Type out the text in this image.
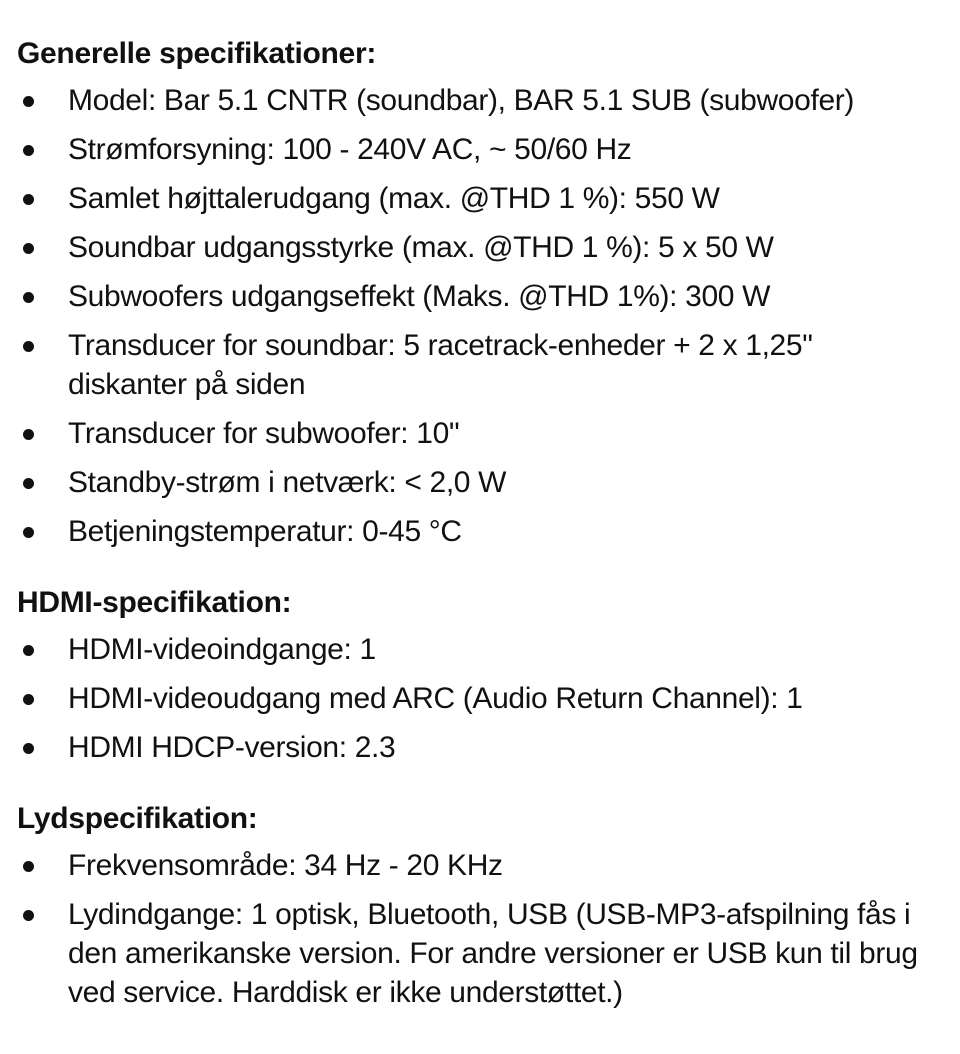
Generelle specifikationer:
Model: Bar 5.1 CNTR (soundbar), BAR 5.1 SUB (subwoofer)
Strømforsyning: 100 - 240V AC, ~ 50/60 Hz
Samlet højttalerudgang (max. @THD 1 %): 550 W
Soundbar udgangsstyrke (max. @THD 1 %): 5 x 50 W
Subwoofers udgangseffekt (Maks. @THD 1%): 300 W
Transducer for soundbar: 5 racetrack-enheder + 2 x 1,25" diskanter på siden
Transducer for subwoofer: 10"
Standby-strøm i netværk: < 2,0 W
Betjeningstemperatur: 0-45 °C
HDMI-specifikation:
HDMI-videoindgange: 1
HDMI-videoudgang med ARC (Audio Return Channel): 1
HDMI HDCP-version: 2.3
Lydspecifikation:
Frekvensområde: 34 Hz - 20 KHz
Lydindgange: 1 optisk, Bluetooth, USB (USB-MP3-afspilning fås i den amerikanske version. For andre versioner er USB kun til brug ved service. Harddisk er ikke understøttet.)
